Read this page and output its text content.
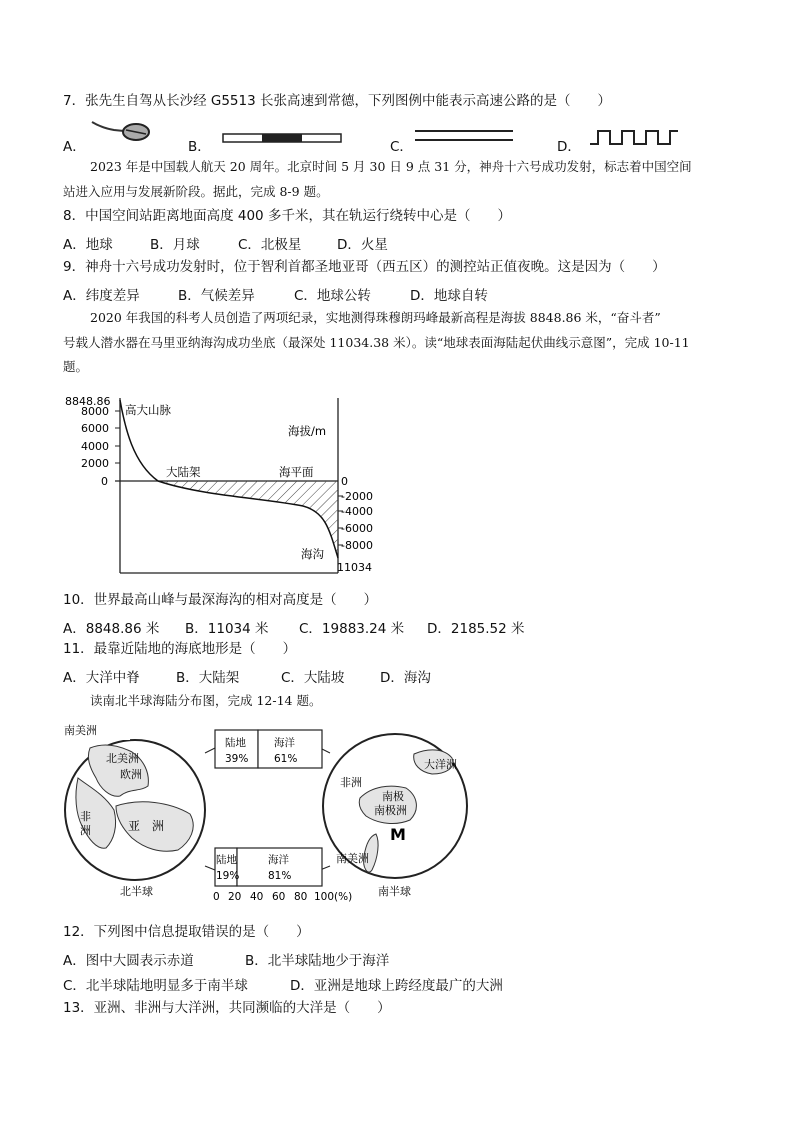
7．张先生自驾从长沙经 G5513 长张高速到常德，下列图例中能表示高速公路的是（　　）
A．	B．	C．	D．
2023 年是中国载人航天 20 周年。北京时间 5 月 30 日 9 点 31 分，神舟十六号成功发射，标志着中国空间
站进入应用与发展新阶段。据此，完成 8-9 题。
8．中国空间站距离地面高度 400 多千米，其在轨运行绕转中心是（　　）
A．地球	B．月球	C．北极星	D．火星
9．神舟十六号成功发射时，位于智利首都圣地亚哥（西五区）的测控站正值夜晚。这是因为（　　）
A．纬度差异	B．气候差异	C．地球公转	D．地球自转
2020 年我国的科考人员创造了两项纪录，实地测得珠穆朗玛峰最新高程是海拔 8848.86 米，“奋斗者”
号载人潜水器在马里亚纳海沟成功坐底（最深处 11034.38 米）。读“地球表面海陆起伏曲线示意图”，完成 10-11
题。
8848.86
8000
6000
4000
2000
0	0
-2000
-4000
-6000
-8000
11034
高大山脉
海拔/m
大陆架	海平面
海沟
10．世界最高山峰与最深海沟的相对高度是（　　）
A．8848.86 米 B．11034 米 C．19883.24 米 D．2185.52 米
11．最靠近陆地的海底地形是（　　）
A．大洋中脊	B．大陆架	C．大陆坡	D．海沟
读南北半球海陆分布图，完成 12-14 题。
南美洲
北美洲
欧洲
非
洲	亚　洲
北半球
大洋洲
非洲
南极
南极洲
南美洲
M
南半球
陆地
39%
海洋
61%
陆地
19%
海洋
81%
0 20 40 60 80 100(%)
12．下列图中信息提取错误的是（　　）
A．图中大圆表示赤道	B．北半球陆地少于海洋
C．北半球陆地明显多于南半球	D．亚洲是地球上跨经度最广的大洲
13．亚洲、非洲与大洋洲，共同濒临的大洋是（　　）
